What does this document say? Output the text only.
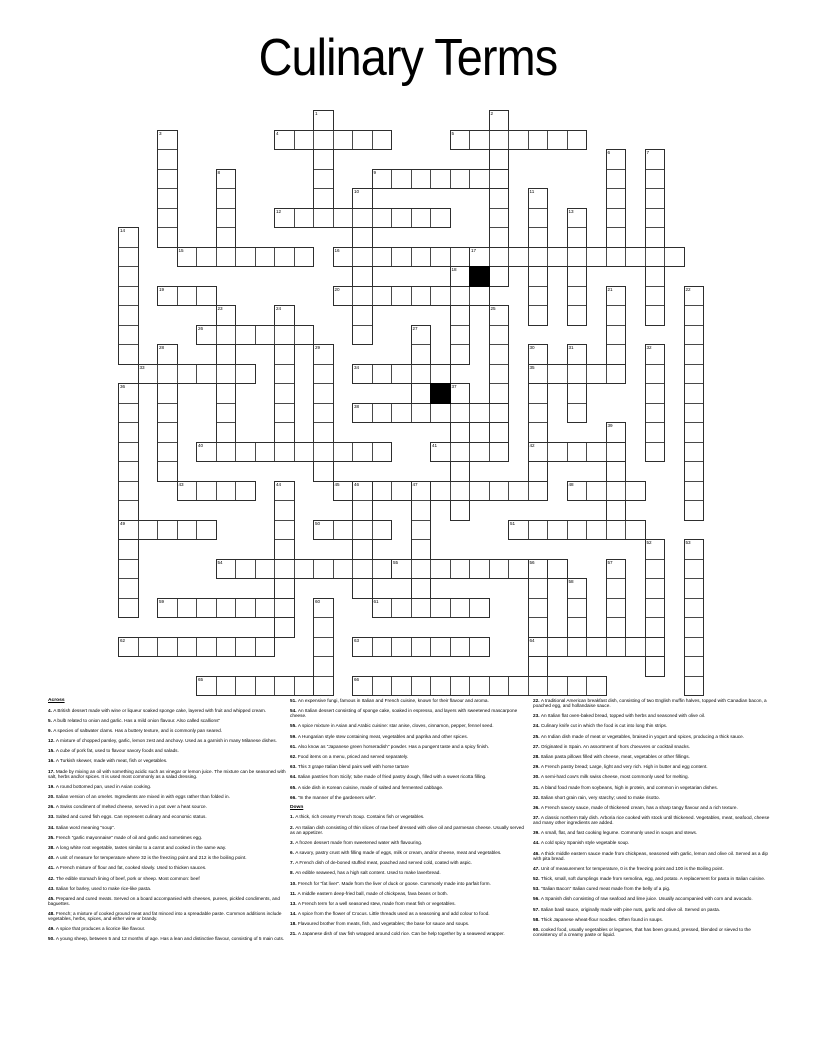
Culinary Terms
1	2
3	4	5
6	7
8	9
10	11
12	13
14
15	16	17
18
19	20	21	22
23	24	25
26	27
28	29	30
35
42
31	32
33	34
36
49
37
38
39
40	41
43	44	45	46	47	48
50	51
52	53
54	55	56
64
57
58
59	60	61
62	63
65	66
Across
4. A British dessert made with wine or liqueur soaked sponge cake, layered with fruit and whipped cream.
5. A bulb related to onion and garlic. Has a mild onion flavour. Also called scallions"
9. A species of saltwater clams. Has a buttery texture, and is commonly pan seared.
12. A mixture of chopped parsley, garlic, lemon zest and anchovy. Used as a garnish in many Milanese dishes.
15. A cube of pork fat, used to flavour savory foods and salads.
16. A Turkish skewer, made with meat, fish or vegetables.
17. Made by mixing an oil with something acidic such as vinegar or lemon juice. The mixture can be seasoned with salt, herbs and/or spices. It is used most commonly as a salad dressing.
19. A round bottomed pan, used in Asian cooking.
20. Italian version of an omelet. Ingredients are mixed in with eggs rather than folded in.
26. A Swiss condiment of melted cheese, served in a pot over a heat source.
33. Salted and cured fish eggs. Can represent culinary and economic status.
34. Italian word meaning "soup".
35. French "garlic mayonnaise" made of oil and garlic and sometimes egg.
38. A long white root vegetable, tastes similar to a carrot and cooked in the same way.
40. A unit of measure for temperature where 32 is the freezing point and 212 is the boiling point.
41. A French mixture of flour and fat, cooked slowly. Used to thicken sauces.
42. The edible stomach lining of beef, pork or sheep. Most common: beef
43. Italian for barley, used to make rice-like pasta.
45. Prepared and cured meats. Served on a board accompanied with cheeses, purees, pickled condiments, and baguettes.
48. French; a mixture of cooked ground meat and fat minced into a spreadable paste. Common additions include vegetables, herbs, spices, and either wine or brandy.
49. A spice that produces a licorice like flavour.
50. A young sheep, between 5 and 12 months of age. Has a lean and distinctive flavour, consisting of 5 main cuts.
51. An expensive fungi, famous in Italian and French cuisine, known for their flavour and aroma.
54. An Italian dessert consisting of sponge cake, soaked in espresso, and layers with sweetened mascarpone cheese.
55. A spice mixture in Asian and Arabic cuisine: star anise, cloves, cinnamon, pepper, fennel seed.
59. A Hungarian style stew containing meat, vegetables and paprika and other spices.
61. Also know as "Japanese green horseradish" powder. Has a pungent taste and a spicy finish.
62. Food items on a menu, priced and served separately.
63. This 3 grape Italian blend pairs well with horse tartare
64. Italian pastries from Sicily; tube made of fried pastry dough, filled with a sweet ricotta filling.
65. A side dish in Korean cuisine, made of salted and fermented cabbage.
66. "In the manner of the gardeners wife".
Down
1. A thick, rich creamy French Soup. Contains fish or vegetables.
2. An Italian dish consisting of thin slices of raw beef dressed with olive oil and parmesan cheese. Usually served as an appetizer.
3. A frozen dessert made from sweetened water with flavouring.
6. A savory, pastry crust with filling made of eggs, milk or cream, and/or cheese, meat and vegetables.
7. A French dish of de-boned stuffed meat, poached and served cold, coated with aspic.
8. An edible seaweed, has a high salt content. Used to make laverbread.
10. French for "fat liver". Made from the liver of duck or goose. Commonly made into parfait form.
11. A middle eastern deep-fried ball, made of chickpeas, fava beans or both.
13. A French term for a well seasoned stew, made from meat fish or vegetables.
14. A spice from the flower of Crocus. Little threads used as a seasoning and add colour to food.
18. Flavoured brother from meats, fish, and vegetables; the base for sauce and soups.
21. A Japanese dish of raw fish wrapped around cold rice. Can be help together by a seaweed wrapper.
22. A traditional American breakfast dish, consisting of two English muffin halves, topped with Canadian bacon, a poached egg, and hollandaise sauce.
23. An Italian flat oven-baked bread, topped with herbs and seasoned with olive oil.
24. Culinary knife cut in which the food is cut into long thin strips.
25. An Indian dish made of meat or vegetables, braised in yogurt and spices, producing a thick sauce.
27. Originated in Spain. An assortment of hors d'oeuvres or cocktail snacks.
28. Italian pasta pillows filled with cheese, meat, vegetables or other fillings.
29. A French pastry bread; Large, light and very rich. High in butter and egg content.
30. A semi-hard cow's milk swiss cheese, most commonly used for melting.
31. A bland food made from soybeans, high in protein, and common in vegetarian dishes.
32. Italian short grain rain, very starchy; used to make risotto.
36. A French savory sauce, made of thickened cream, has a sharp tangy flavour and a rich texture.
37. A classic northern Italy dish. Arboria rice cooked with stock until thickened. Vegetables, meat, seafood, cheese and many other ingredients are added.
39. A small, flat, and fast cooking legume. Commonly used in soups and stews.
44. A cold spicy Spanish style vegetable soup.
46. A thick middle eastern sauce made from chickpeas, seasoned with garlic, lemon and olive oil. Served as a dip with pita bread.
47. Unit of measurement for temperature, 0 is the freezing point and 100 is the Boiling point.
52. Thick, small, soft dumplings made from semolina, egg, and potato. A replacement for pasta in Italian cuisine.
53. "Italian Bacon" Italian cured meat made from the belly of a pig.
56. A Spanish dish consisting of raw seafood and lime juice. Usually accompanied with corn and avocado.
57. Italian basil sauce, originally made with pine nuts, garlic and olive oil. Served on pasta.
58. Thick Japanese wheat-flour noodles. Often found in soups.
60. cooked food, usually vegetables or legumes, that has been ground, pressed, blended or sieved to the consistency of a creamy paste or liquid.
